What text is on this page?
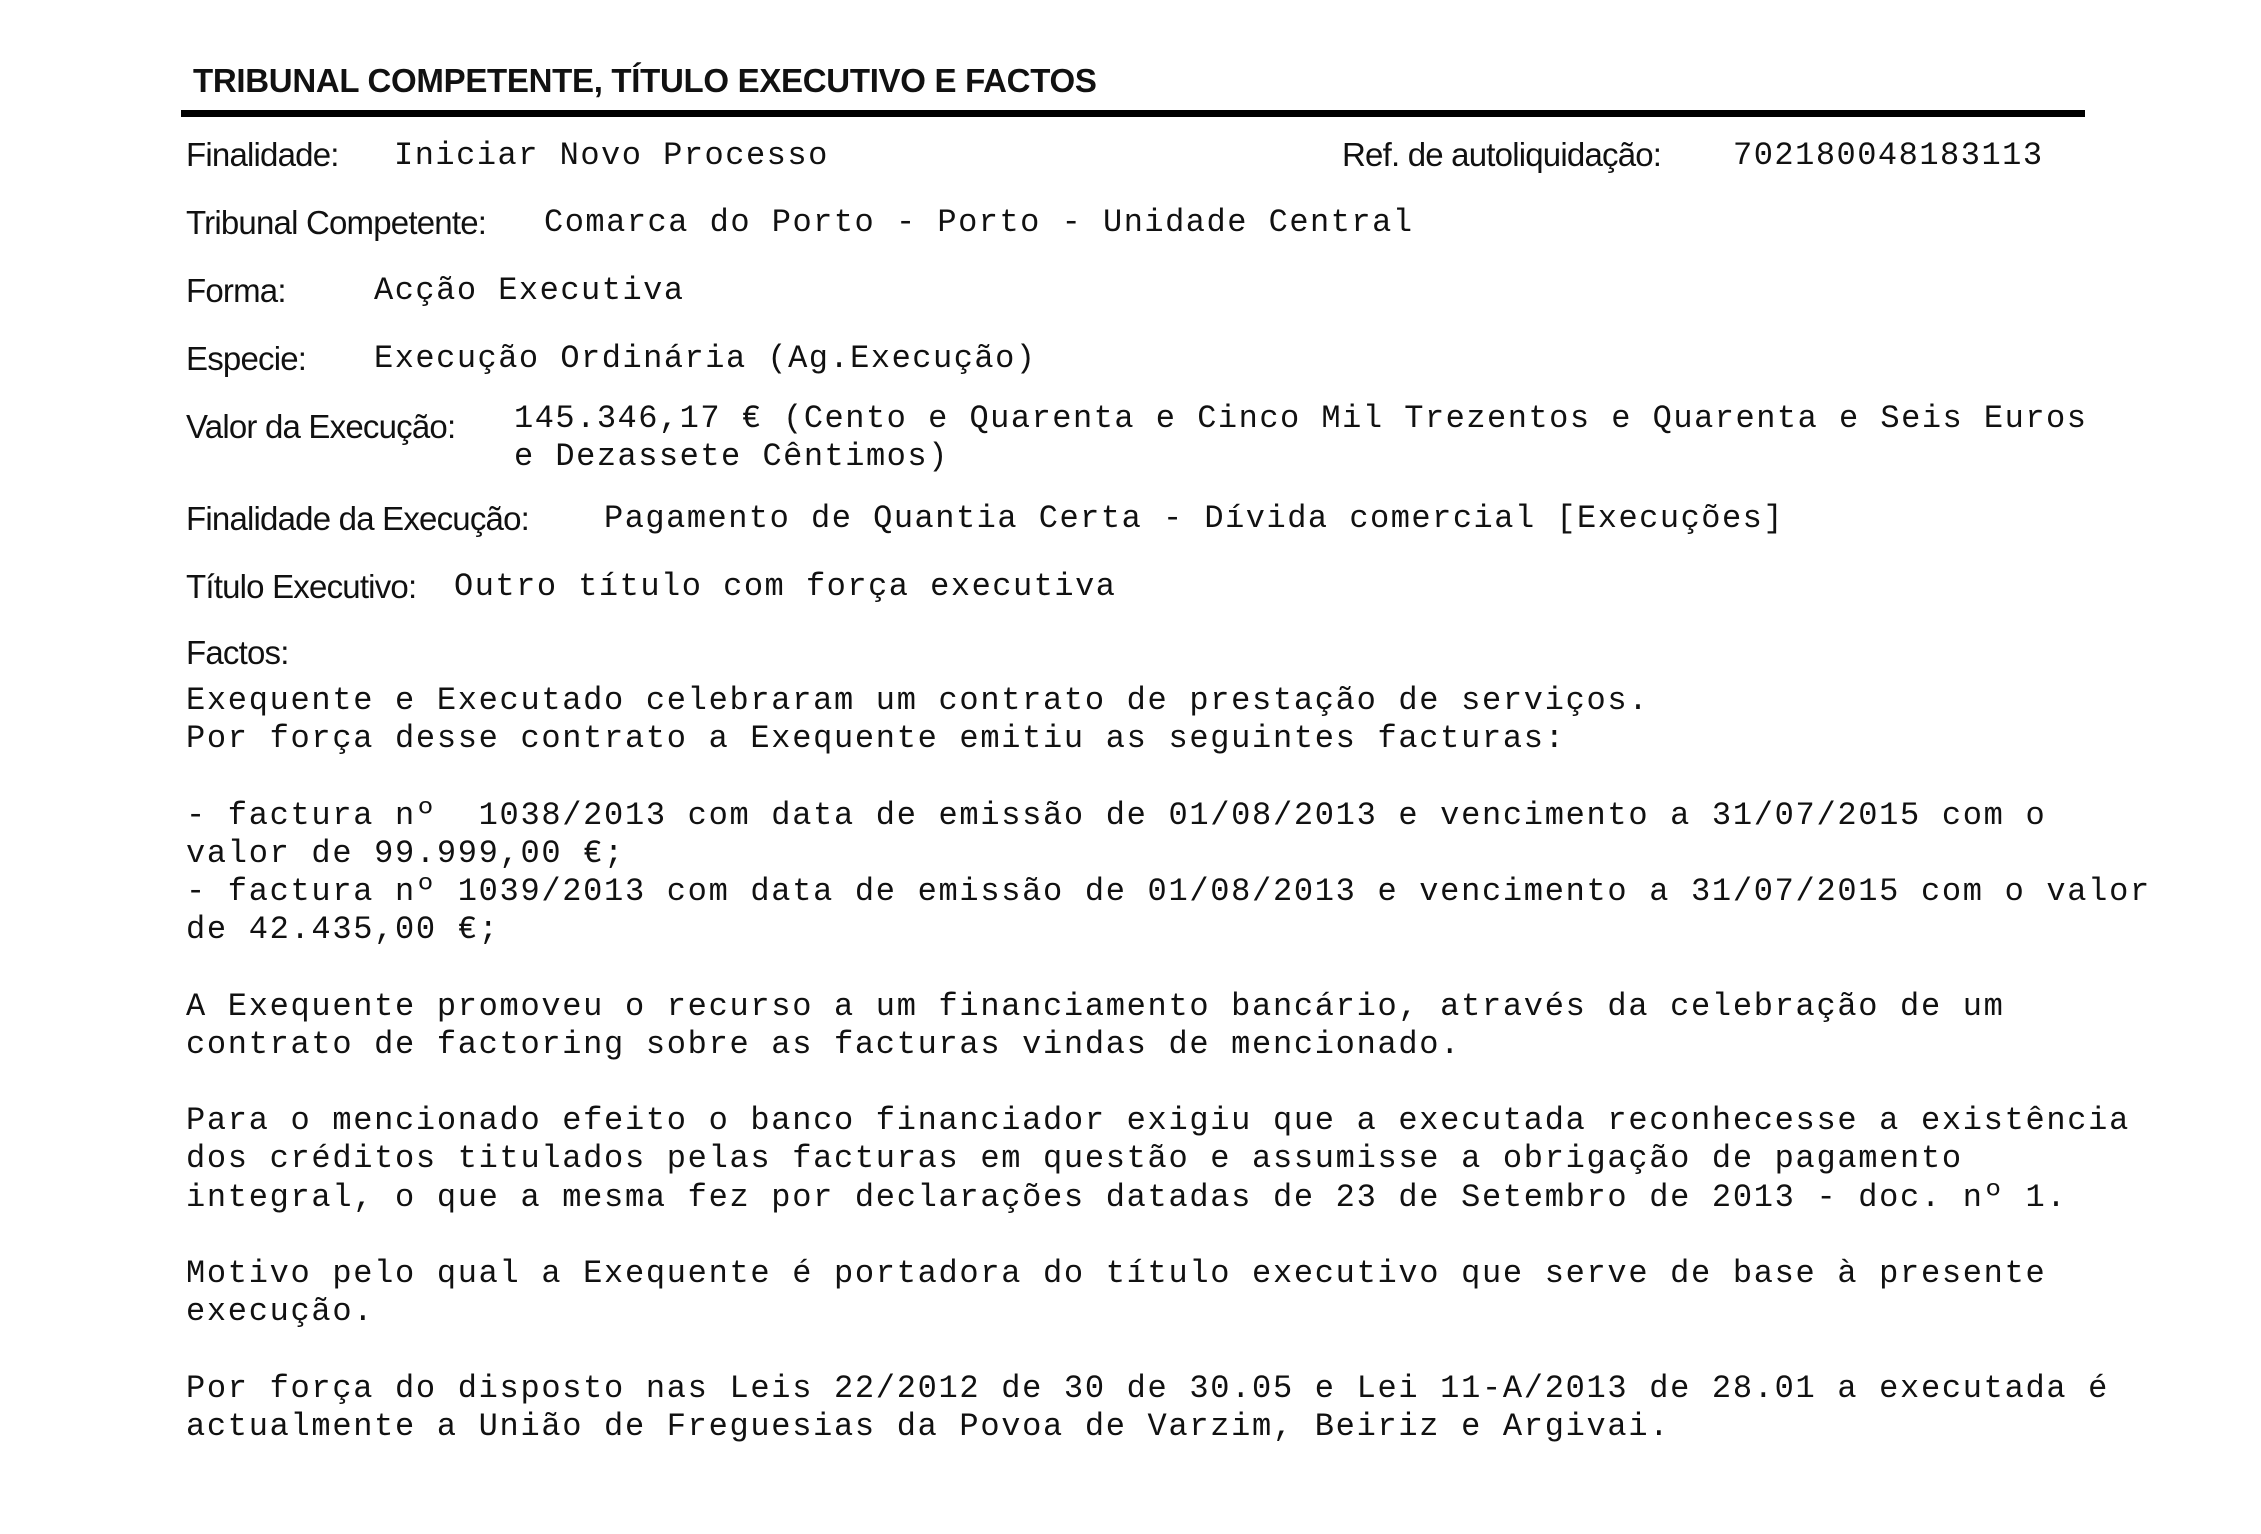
TRIBUNAL COMPETENTE, TÍTULO EXECUTIVO E FACTOS
Finalidade: Iniciar Novo Processo	Ref. de autoliquidação: 702180048183113
Tribunal Competente: Comarca do Porto - Porto - Unidade Central
Forma:	Acção Executiva
Especie: Execução Ordinária (Ag.Execução)
Valor da Execução: 145.346,17 € (Cento e Quarenta e Cinco Mil Trezentos e Quarenta e Seis Euros
e Dezassete Cêntimos)
Finalidade da Execução: Pagamento de Quantia Certa - Dívida comercial [Execuções]
Título Executivo: Outro título com força executiva
Factos:
Exequente e Executado celebraram um contrato de prestação de serviços.
Por força desse contrato a Exequente emitiu as seguintes facturas:

- factura nº  1038/2013 com data de emissão de 01/08/2013 e vencimento a 31/07/2015 com o
valor de 99.999,00 €;
- factura nº 1039/2013 com data de emissão de 01/08/2013 e vencimento a 31/07/2015 com o valor
de 42.435,00 €;

A Exequente promoveu o recurso a um financiamento bancário, através da celebração de um
contrato de factoring sobre as facturas vindas de mencionado.

Para o mencionado efeito o banco financiador exigiu que a executada reconhecesse a existência
dos créditos titulados pelas facturas em questão e assumisse a obrigação de pagamento
integral, o que a mesma fez por declarações datadas de 23 de Setembro de 2013 - doc. nº 1.

Motivo pelo qual a Exequente é portadora do título executivo que serve de base à presente
execução.

Por força do disposto nas Leis 22/2012 de 30 de 30.05 e Lei 11-A/2013 de 28.01 a executada é
actualmente a União de Freguesias da Povoa de Varzim, Beiriz e Argivai.
